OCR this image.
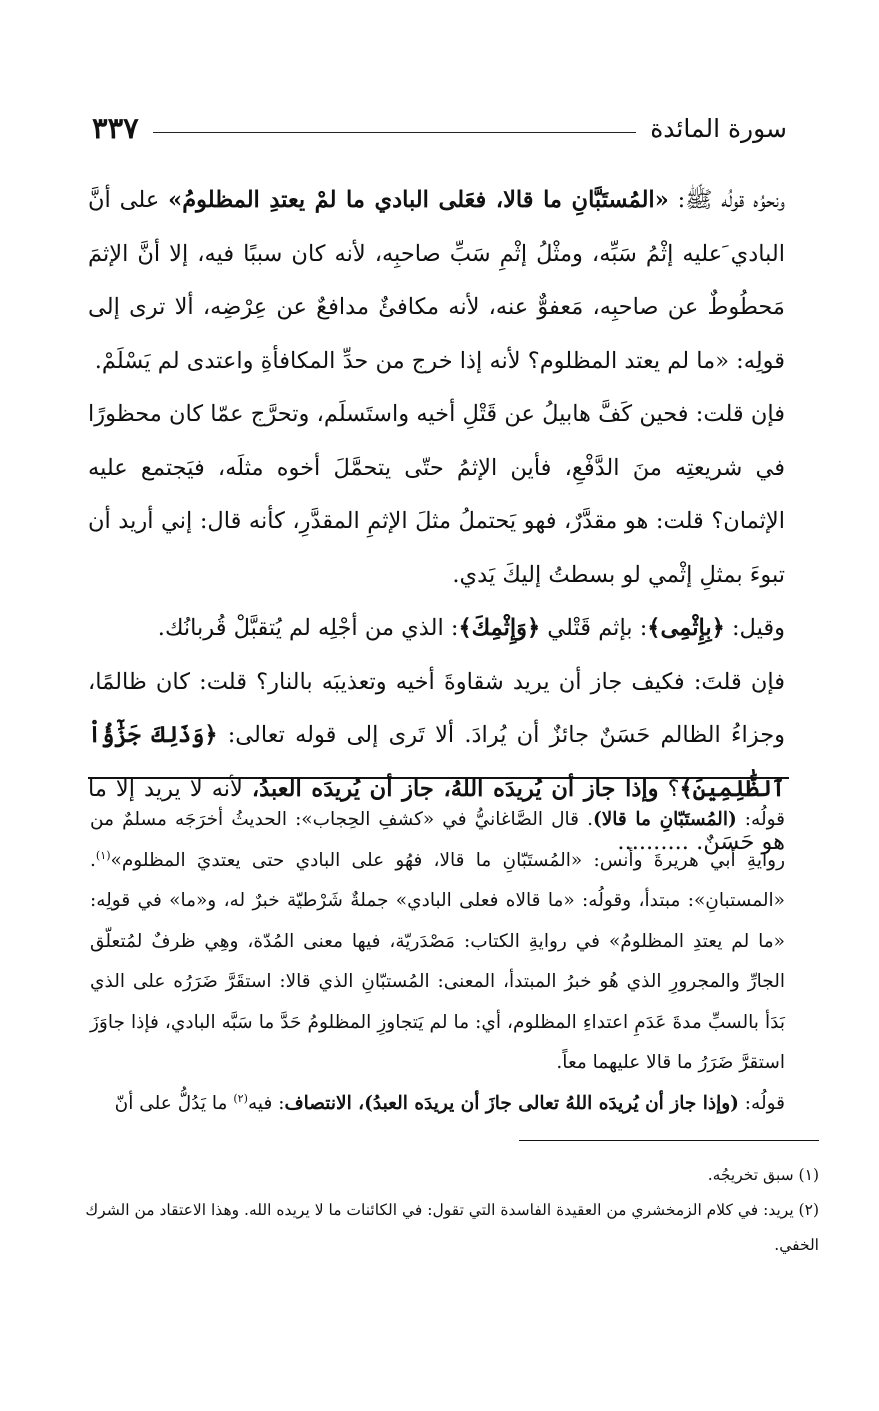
سورة المائدة
٣٣٧

ونحوُه قولُه ﷺ: «المُستَبَّانِ ما قالا، فعَلى البادي ما لمْ يعتدِ المظلومُ» على أنَّ البادي َعليه إثْمُ سَبِّه، ومثْلُ إثْمِ سَبِّ صاحبِه، لأنه كان سببًا فيه، إلا أنَّ الإثمَ مَحطُوطٌ عن صاحبِه، مَعفوٌّ عنه، لأنه مكافئٌ مدافعٌ عن عِرْضِه، ألا ترى إلى قولِه: «ما لم يعتد المظلوم؟ لأنه إذا خرج من حدِّ المكافأةِ واعتدى لم يَسْلَمْ.

فإن قلت: فحين كَفَّ هابيلُ عن قَتْلِ أخيه واستَسلَم، وتحرَّج عمّا كان محظورًا في شريعتِه منَ الدَّفْعِ، فأين الإثمُ حتّى يتحمَّلَ أخوه مثلَه، فيَجتمع عليه الإثمان؟ قلت: هو مقدَّرٌ، فهو يَحتملُ مثلَ الإثمِ المقدَّرِ، كأنه قال: إني أريد أن تبوءَ بمثلِ إثْمي لو بسطتُ إليكَ يَدي.

وقيل: ﴿بِإِثْمِى﴾: بإثم قَتْلي ﴿وَإِثْمِكَ﴾: الذي من أجْلِه لم يُتقبَّلْ قُربانُك.

فإن قلتَ: فكيف جاز أن يريد شقاوةَ أخيه وتعذيبَه بالنار؟ قلت: كان ظالمًا، وجزاءُ الظالم حَسَنٌ جائزٌ أن يُرادَ. ألا تَرى إلى قوله تعالى: ﴿وَذَلِكَ جَزَٰٓؤُاْ ٱلظَّٰلِمِينَ﴾؟ وإذا جاز أن يُريدَه اللهُ، جاز أن يُريدَه العبدُ، لأنه لا يريد إلا ما هو حَسَنٌ. ..........

قولُه: (المُستَبّانِ ما قالا). قال الصَّاغانيُّ في «كشفِ الحِجاب»: الحديثُ أخرَجَه مسلمٌ من روايةِ أبي هريرةَ وأنس: «المُستَبّانِ ما قالا، فهُو على البادي حتى يعتديَ المظلوم»$^{(١)}$. «المستبانِ»: مبتدأ، وقولُه: «ما قالاه فعلى البادي» جملةٌ شَرْطيّة خبرٌ له، و«ما» في قولِه: «ما لم يعتدِ المظلومُ» في روايةِ الكتاب: مَصْدَريّة، فيها معنى المُدّة، وهِي ظرفٌ لمُتعلّق الجارِّ والمجرورِ الذي هُو خبرُ المبتدأ، المعنى: المُستبّانِ الذي قالا: استقَرَّ ضَرَرُه على الذي بَدَأ بالسبِّ مدةَ عَدَمِ اعتداءِ المظلوم، أي: ما لم يَتجاوزِ المظلومُ حَدَّ ما سَبَّه البادي، فإذا جاوَزَ استقرَّ ضَرَرُ ما قالا عليهما معاً.

قولُه: (وإذا جاز أن يُريدَه اللهُ تعالى جازَ أن يريدَه العبدُ)، الانتصاف: فيه$^{(٢)}$ ما يَدُلُّ على أنّ

(١) سبق تخريجُه.

(٢) يريد: في كلام الزمخشري من العقيدة الفاسدة التي تقول: في الكائنات ما لا يريده الله. وهذا الاعتقاد من الشرك الخفي.
